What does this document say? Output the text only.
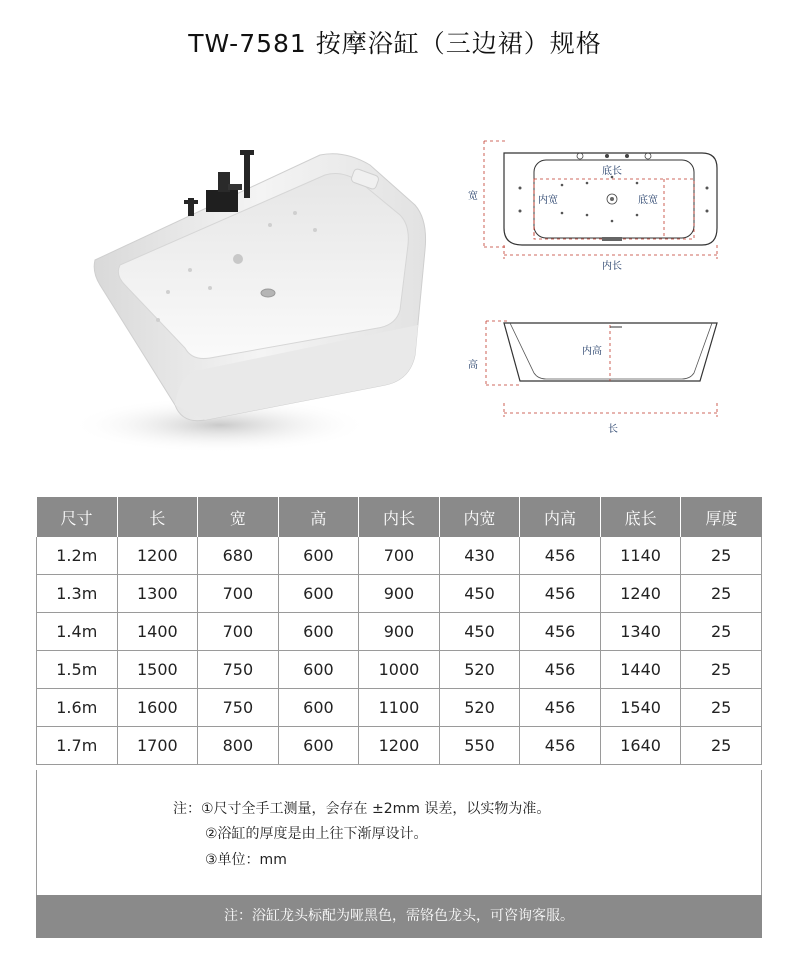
TW-7581 按摩浴缸（三边裙）规格
底长
内宽	底宽
宽
内长
内高
高
长
尺寸	长	宽	高	内长	内宽	内高	底长	厚度
1.2m	1200	680	600	700	430	456	1140	25
1.3m	1300	700	600	900	450	456	1240	25
1.4m	1400	700	600	900	450	456	1340	25
1.5m	1500	750	600	1000	520	456	1440	25
1.6m	1600	750	600	1100	520	456	1540	25
1.7m	1700	800	600	1200	550	456	1640	25
注：①尺寸全手工测量，会存在 ±2mm 误差，以实物为准。
②浴缸的厚度是由上往下渐厚设计。
③单位：mm
注：浴缸龙头标配为哑黑色，需铬色龙头，可咨询客服。
